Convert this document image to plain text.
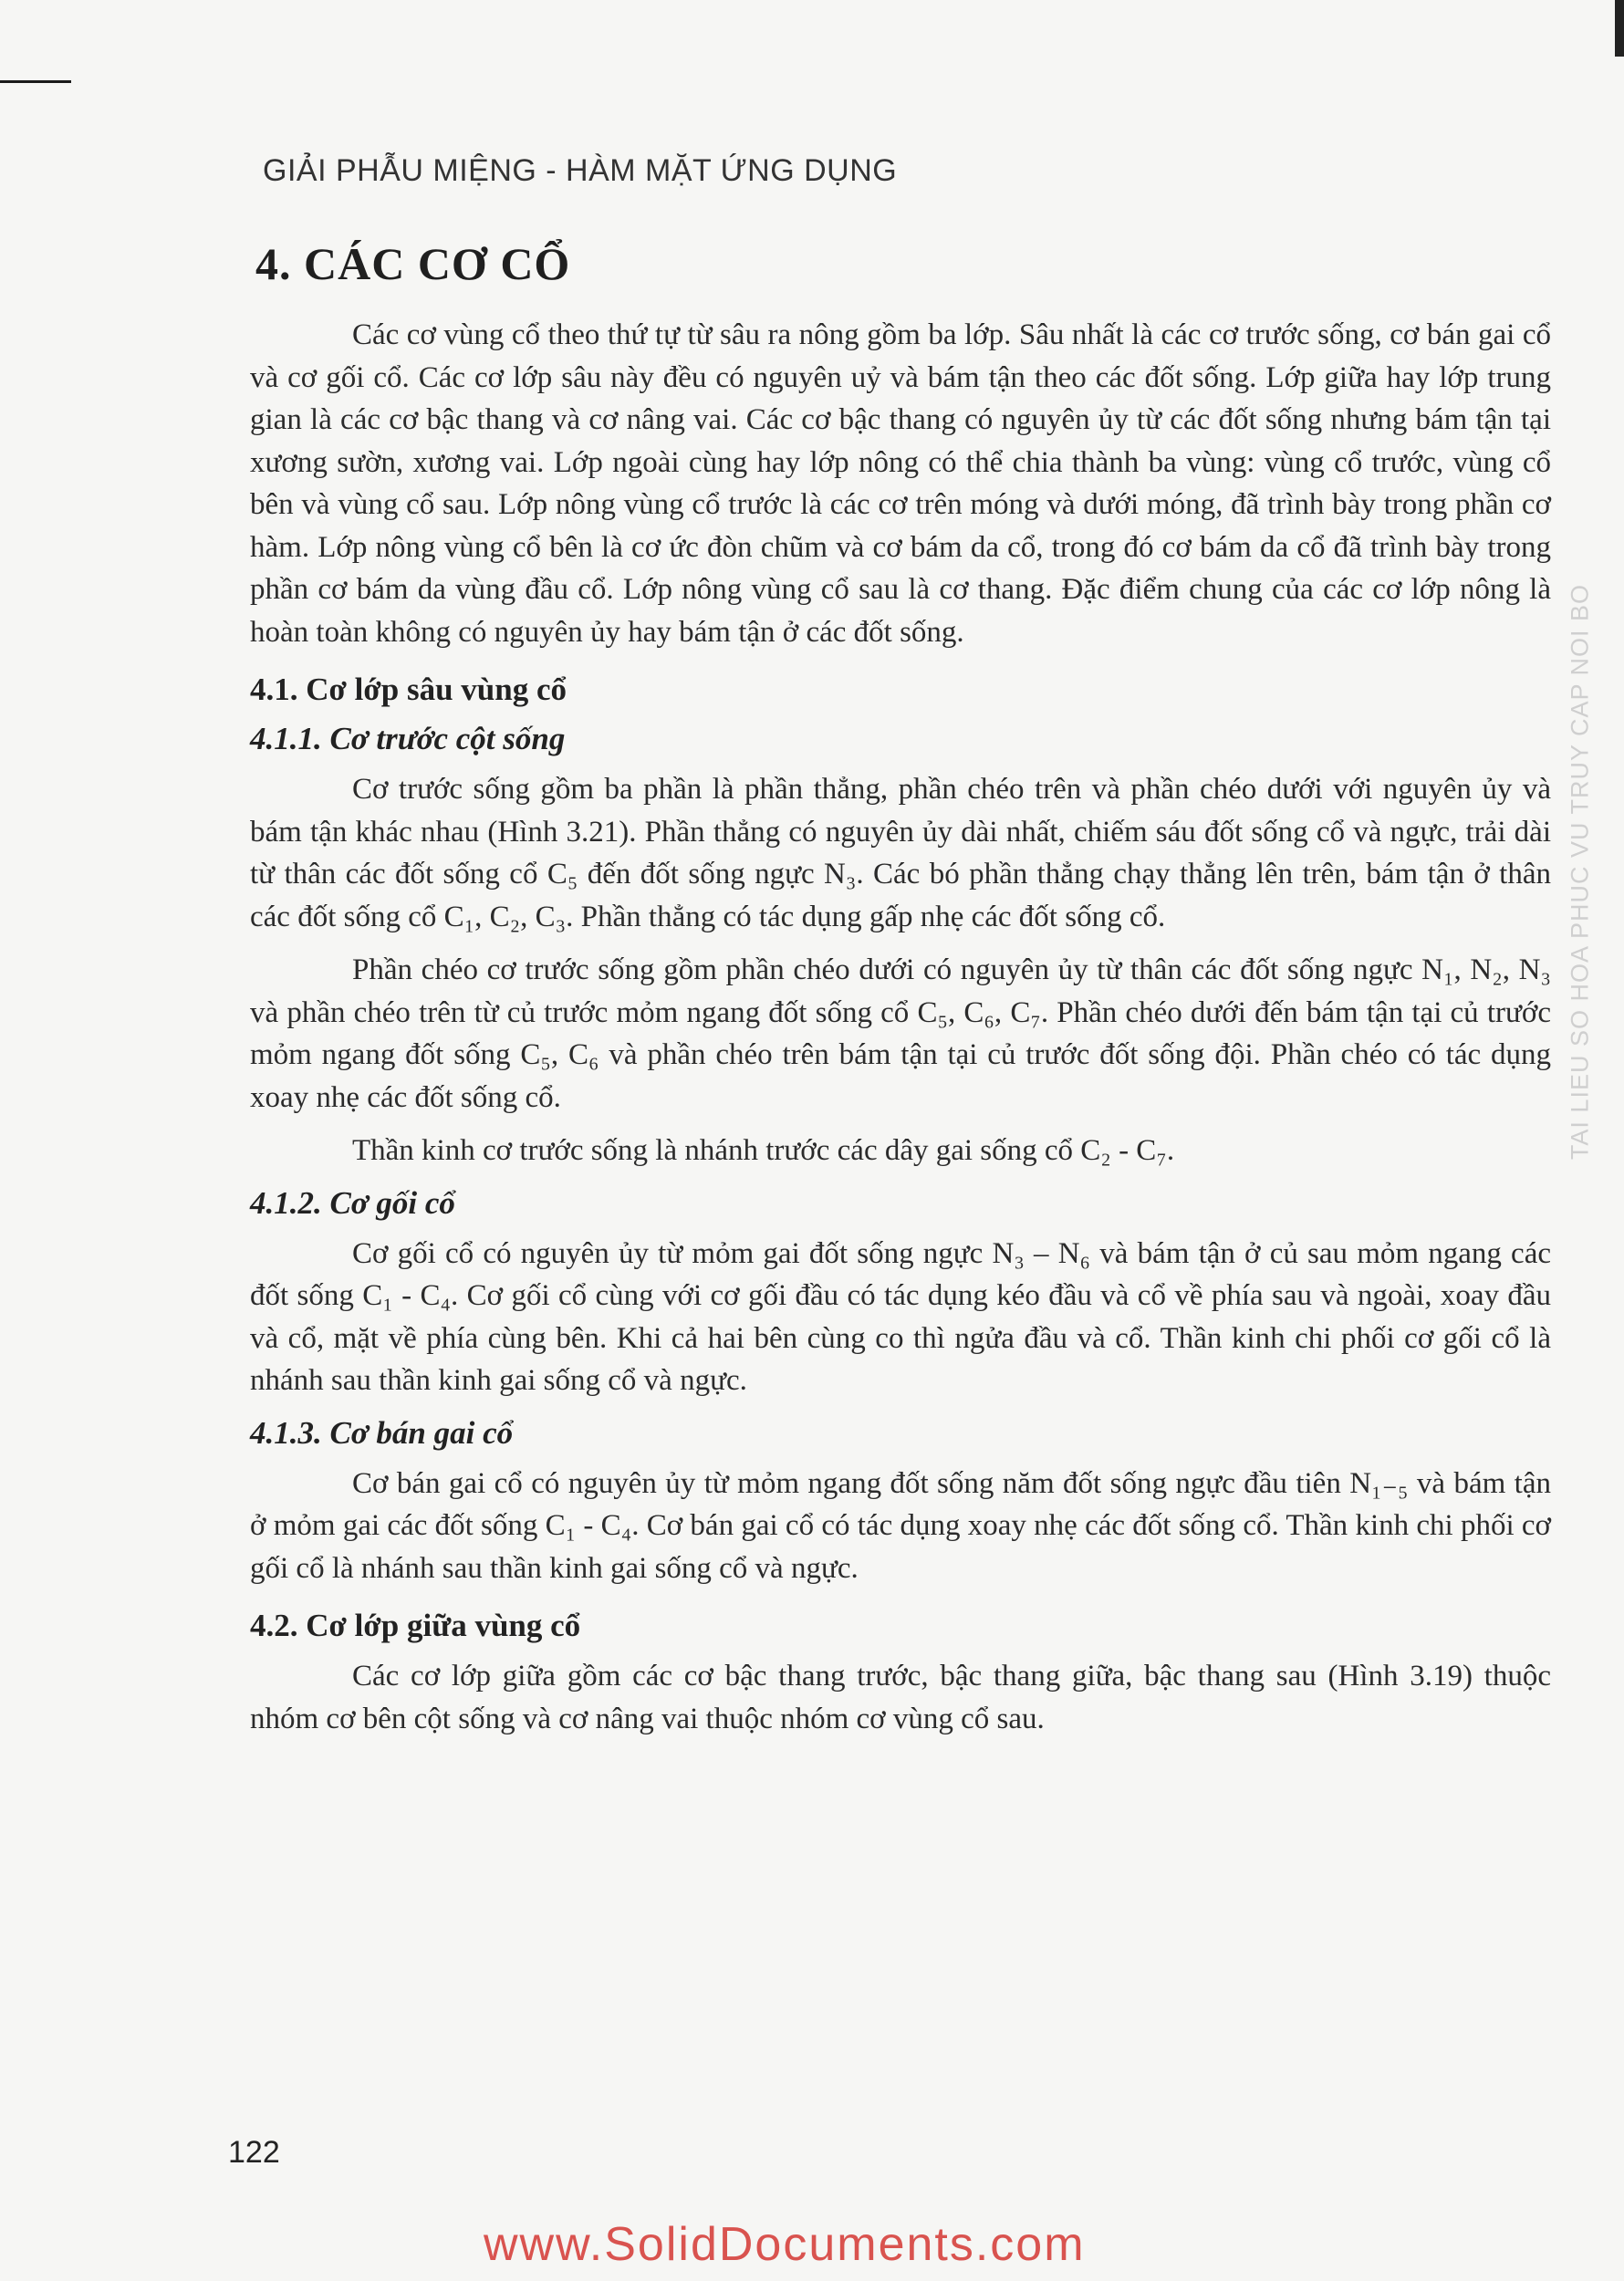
GIẢI PHẪU MIỆNG - HÀM MẶT ỨNG DỤNG
4. CÁC CƠ CỔ

Các cơ vùng cổ theo thứ tự từ sâu ra nông gồm ba lớp. Sâu nhất là các cơ trước sống, cơ bán gai cổ và cơ gối cổ. Các cơ lớp sâu này đều có nguyên uỷ và bám tận theo các đốt sống. Lớp giữa hay lớp trung gian là các cơ bậc thang và cơ nâng vai. Các cơ bậc thang có nguyên ủy từ các đốt sống nhưng bám tận tại xương sườn, xương vai. Lớp ngoài cùng hay lớp nông có thể chia thành ba vùng: vùng cổ trước, vùng cổ bên và vùng cổ sau. Lớp nông vùng cổ trước là các cơ trên móng và dưới móng, đã trình bày trong phần cơ hàm. Lớp nông vùng cổ bên là cơ ức đòn chũm và cơ bám da cổ, trong đó cơ bám da cổ đã trình bày trong phần cơ bám da vùng đầu cổ. Lớp nông vùng cổ sau là cơ thang. Đặc điểm chung của các cơ lớp nông là hoàn toàn không có nguyên ủy hay bám tận ở các đốt sống.

4.1. Cơ lớp sâu vùng cổ
4.1.1. Cơ trước cột sống

Cơ trước sống gồm ba phần là phần thẳng, phần chéo trên và phần chéo dưới với nguyên ủy và bám tận khác nhau (Hình 3.21). Phần thẳng có nguyên ủy dài nhất, chiếm sáu đốt sống cổ và ngực, trải dài từ thân các đốt sống cổ C₅ đến đốt sống ngực N₃. Các bó phần thẳng chạy thẳng lên trên, bám tận ở thân các đốt sống cổ C₁, C₂, C₃. Phần thẳng có tác dụng gấp nhẹ các đốt sống cổ.

Phần chéo cơ trước sống gồm phần chéo dưới có nguyên ủy từ thân các đốt sống ngực N₁, N₂, N₃ và phần chéo trên từ củ trước mỏm ngang đốt sống cổ C₅, C₆, C₇. Phần chéo dưới đến bám tận tại củ trước mỏm ngang đốt sống C₅, C₆ và phần chéo trên bám tận tại củ trước đốt sống đội. Phần chéo có tác dụng xoay nhẹ các đốt sống cổ.

Thần kinh cơ trước sống là nhánh trước các dây gai sống cổ C₂ - C₇.

4.1.2. Cơ gối cổ

Cơ gối cổ có nguyên ủy từ mỏm gai đốt sống ngực N₃ – N₆ và bám tận ở củ sau mỏm ngang các đốt sống C₁ - C₄. Cơ gối cổ cùng với cơ gối đầu có tác dụng kéo đầu và cổ về phía sau và ngoài, xoay đầu và cổ, mặt về phía cùng bên. Khi cả hai bên cùng co thì ngửa đầu và cổ. Thần kinh chi phối cơ gối cổ là nhánh sau thần kinh gai sống cổ và ngực.

4.1.3. Cơ bán gai cổ

Cơ bán gai cổ có nguyên ủy từ mỏm ngang đốt sống năm đốt sống ngực đầu tiên N₁₋₅ và bám tận ở mỏm gai các đốt sống C₁ - C₄. Cơ bán gai cổ có tác dụng xoay nhẹ các đốt sống cổ. Thần kinh chi phối cơ gối cổ là nhánh sau thần kinh gai sống cổ và ngực.

4.2. Cơ lớp giữa vùng cổ

Các cơ lớp giữa gồm các cơ bậc thang trước, bậc thang giữa, bậc thang sau (Hình 3.19) thuộc nhóm cơ bên cột sống và cơ nâng vai thuộc nhóm cơ vùng cổ sau.

TAI LIEU SO HOA PHUC VU TRUY CAP NOI BO
122
www.SolidDocuments.com
